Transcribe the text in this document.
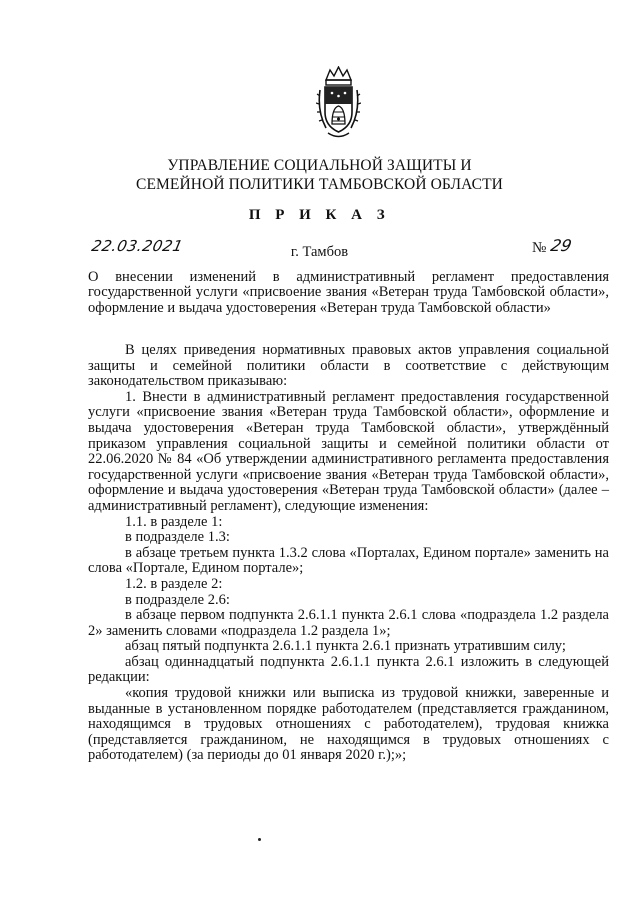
УПРАВЛЕНИЕ СОЦИАЛЬНОЙ ЗАЩИТЫ И
СЕМЕЙНОЙ ПОЛИТИКИ ТАМБОВСКОЙ ОБЛАСТИ
П Р И К А З
22.03.2021	г. Тамбов	№ 29
О внесении изменений в административный регламент предоставления государственной услуги «присвоение звания «Ветеран труда Тамбовской области», оформление и выдача удостоверения «Ветеран труда Тамбовской области»

В целях приведения нормативных правовых актов управления социальной защиты и семейной политики области в соответствие с действующим законодательством приказываю:

1. Внести в административный регламент предоставления государственной услуги «присвоение звания «Ветеран труда Тамбовской области», оформление и выдача удостоверения «Ветеран труда Тамбовской области», утверждённый приказом управления социальной защиты и семейной политики области от 22.06.2020 № 84 «Об утверждении административного регламента предоставления государственной услуги «присвоение звания «Ветеран труда Тамбовской области», оформление и выдача удостоверения «Ветеран труда Тамбовской области» (далее – административный регламент), следующие изменения:

1.1. в разделе 1:

в подразделе 1.3:

в абзаце третьем пункта 1.3.2 слова «Порталах, Едином портале» заменить на слова «Портале, Едином портале»;

1.2. в разделе 2:

в подразделе 2.6:

в абзаце первом подпункта 2.6.1.1 пункта 2.6.1 слова «подраздела 1.2 раздела 2» заменить словами «подраздела 1.2 раздела 1»;

абзац пятый подпункта 2.6.1.1 пункта 2.6.1 признать утратившим силу;

абзац одиннадцатый подпункта 2.6.1.1 пункта 2.6.1 изложить в следующей редакции:

«копия трудовой книжки или выписка из трудовой книжки, заверенные и выданные в установленном порядке работодателем (представляется гражданином, находящимся в трудовых отношениях с работодателем), трудовая книжка (представляется гражданином, не находящимся в трудовых отношениях с работодателем) (за периоды до 01 января 2020 г.);»;
